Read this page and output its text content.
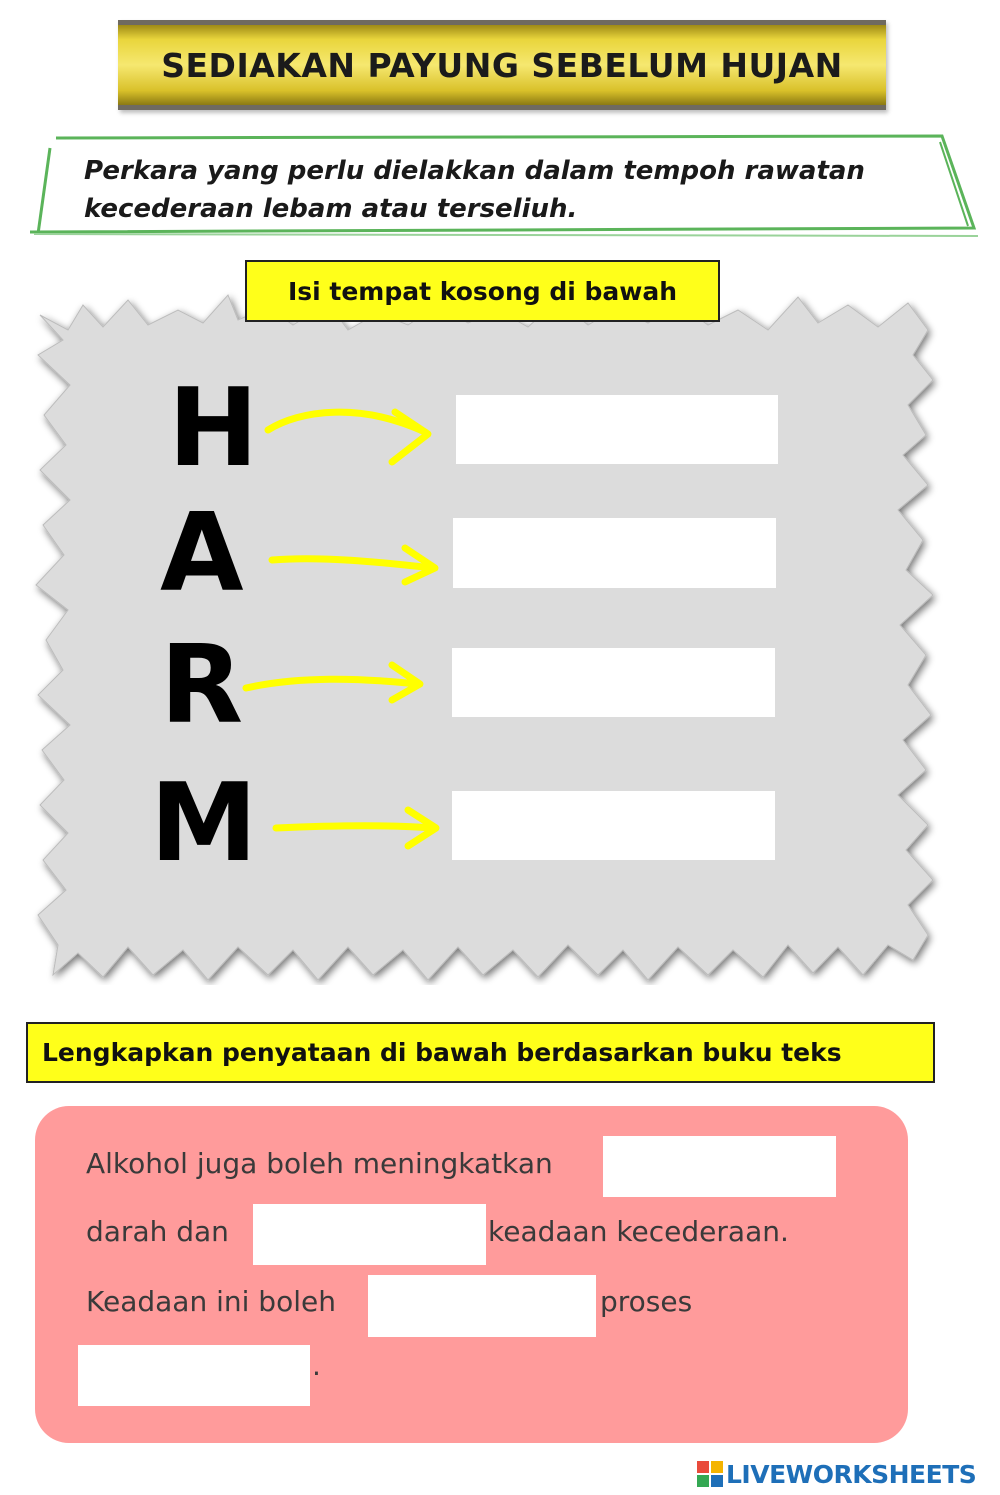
SEDIAKAN PAYUNG SEBELUM HUJAN
Perkara yang perlu dielakkan dalam tempoh rawatan
kecederaan lebam atau terseliuh.
Isi tempat kosong di bawah
H
A
R
M
Lengkapkan penyataan di bawah berdasarkan buku teks
Alkohol juga boleh meningkatkan
darah dan	keadaan kecederaan.
Keadaan ini boleh	proses
.
LIVEWORKSHEETS
